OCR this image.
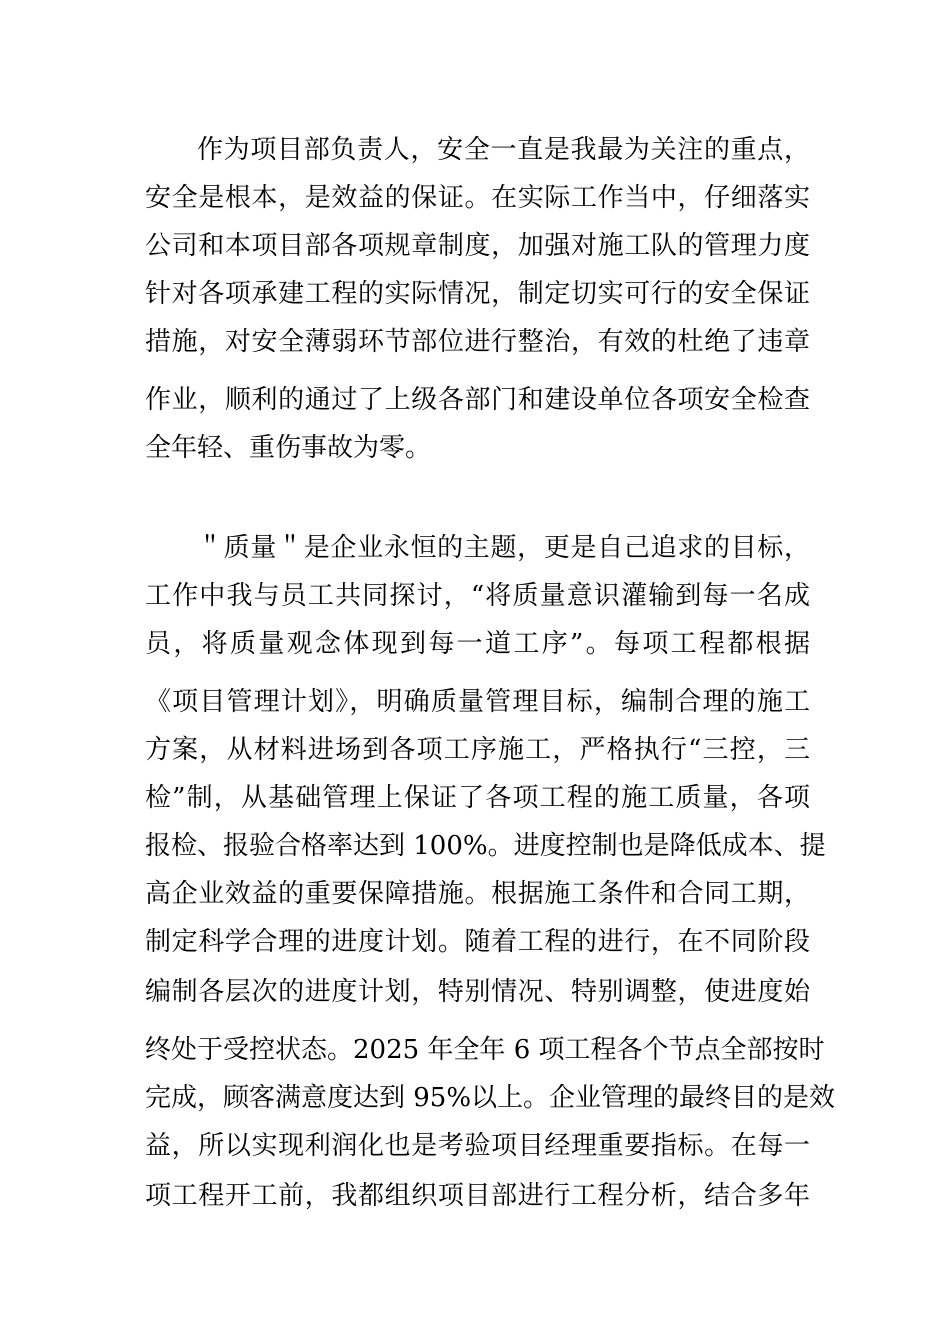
作为项目部负责人，安全一直是我最为关注的重点，
安全是根本，是效益的保证。在实际工作当中，仔细落实
公司和本项目部各项规章制度，加强对施工队的管理力度
针对各项承建工程的实际情况，制定切实可行的安全保证
措施，对安全薄弱环节部位进行整治，有效的杜绝了违章
作业，顺利的通过了上级各部门和建设单位各项安全检查
全年轻、重伤事故为零。
＂质量＂是企业永恒的主题，更是自己追求的目标，
工作中我与员工共同探讨，“将质量意识灌输到每一名成
员，将质量观念体现到每一道工序”。每项工程都根据
《项目管理计划》，明确质量管理目标，编制合理的施工
方案，从材料进场到各项工序施工，严格执行“三控，三
检”制，从基础管理上保证了各项工程的施工质量，各项
报检、报验合格率达到 100%。进度控制也是降低成本、提
高企业效益的重要保障措施。根据施工条件和合同工期，
制定科学合理的进度计划。随着工程的进行，在不同阶段
编制各层次的进度计划，特别情况、特别调整，使进度始
终处于受控状态。2025 年全年 6 项工程各个节点全部按时
完成，顾客满意度达到 95%以上。企业管理的最终目的是效
益，所以实现利润化也是考验项目经理重要指标。在每一
项工程开工前，我都组织项目部进行工程分析，结合多年
